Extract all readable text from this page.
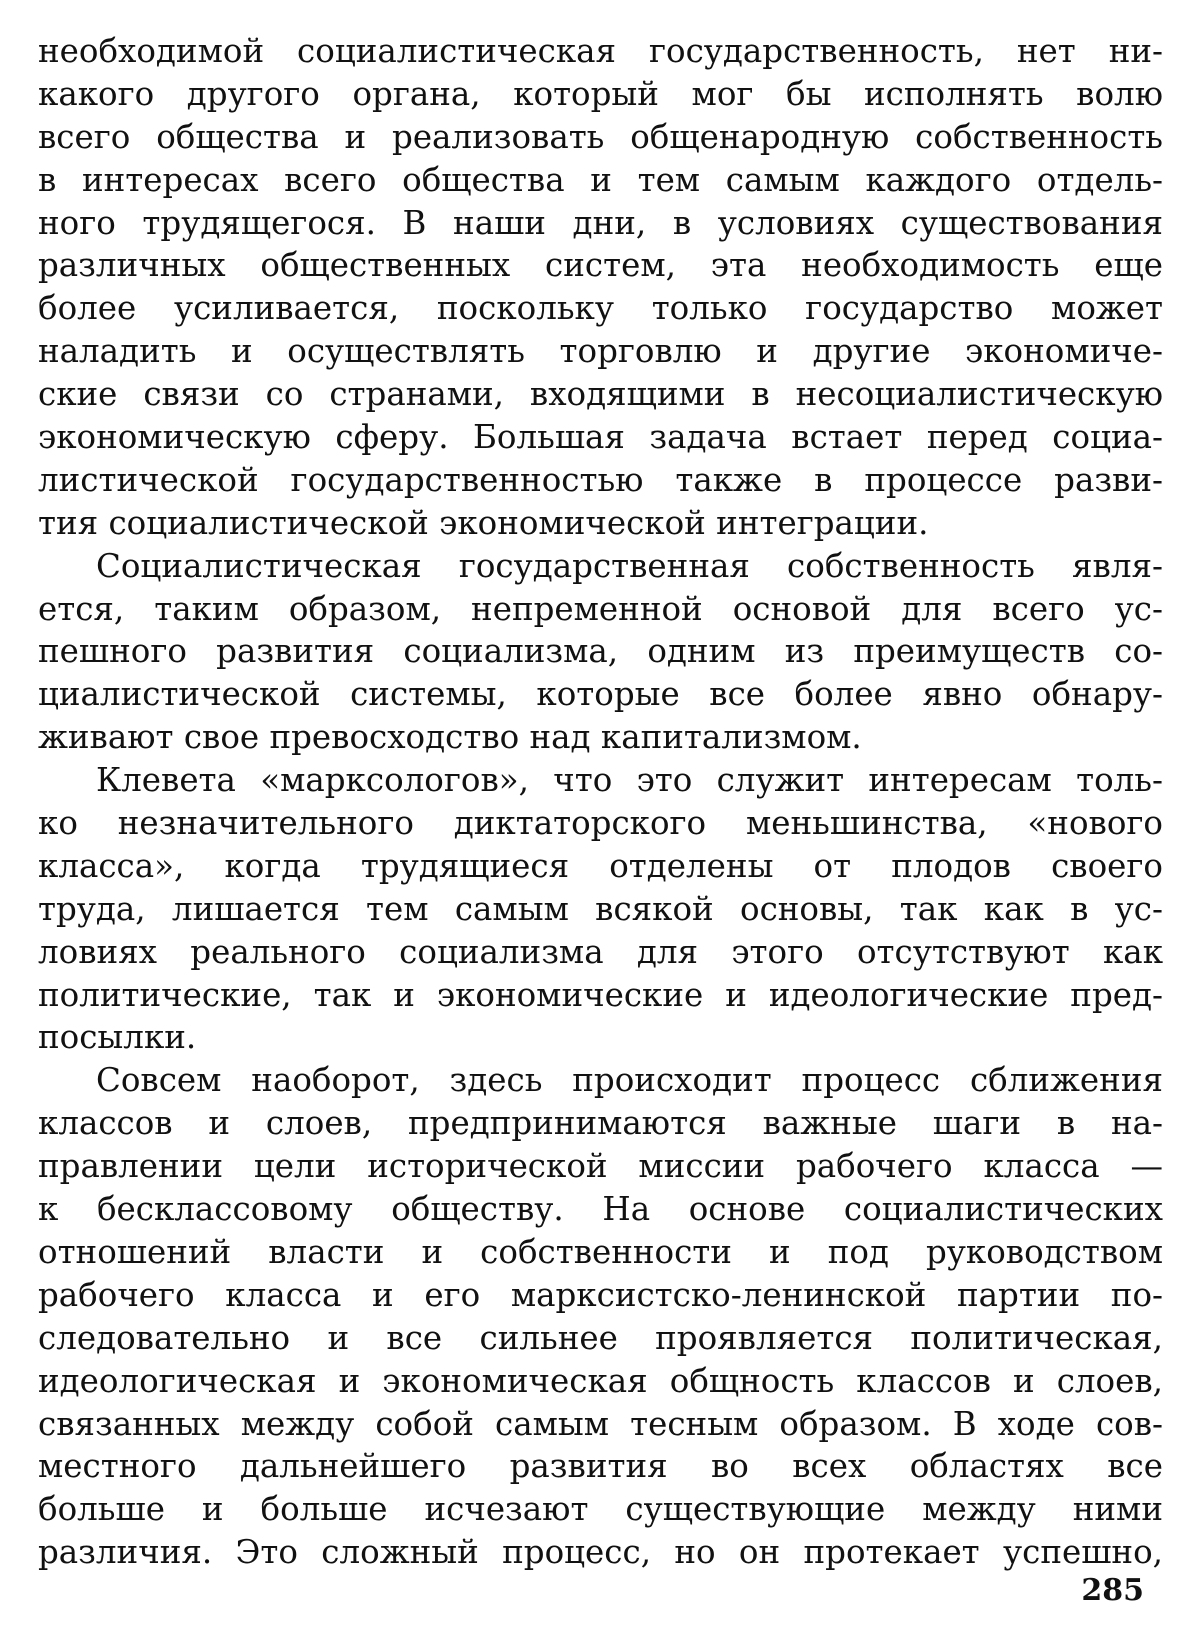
необходимой социалистическая государственность, нет ни-
какого другого органа, который мог бы исполнять волю
всего общества и реализовать общенародную собственность
в интересах всего общества и тем самым каждого отдель-
ного трудящегося. В наши дни, в условиях существования
различных общественных систем, эта необходимость еще
более усиливается, поскольку только государство может
наладить и осуществлять торговлю и другие экономиче-
ские связи со странами, входящими в несоциалистическую
экономическую сферу. Большая задача встает перед социа-
листической государственностью также в процессе разви-
тия социалистической экономической интеграции.
Социалистическая государственная собственность явля-
ется, таким образом, непременной основой для всего ус-
пешного развития социализма, одним из преимуществ со-
циалистической системы, которые все более явно обнару-
живают свое превосходство над капитализмом.
Клевета «марксологов», что это служит интересам толь-
ко незначительного диктаторского меньшинства, «нового
класса», когда трудящиеся отделены от плодов своего
труда, лишается тем самым всякой основы, так как в ус-
ловиях реального социализма для этого отсутствуют как
политические, так и экономические и идеологические пред-
посылки.
Совсем наоборот, здесь происходит процесс сближения
классов и слоев, предпринимаются важные шаги в на-
правлении цели исторической миссии рабочего класса —
к бесклассовому обществу. На основе социалистических
отношений власти и собственности и под руководством
рабочего класса и его марксистско-ленинской партии по-
следовательно и все сильнее проявляется политическая,
идеологическая и экономическая общность классов и слоев,
связанных между собой самым тесным образом. В ходе сов-
местного дальнейшего развития во всех областях все
больше и больше исчезают существующие между ними
различия. Это сложный процесс, но он протекает успешно,
285
